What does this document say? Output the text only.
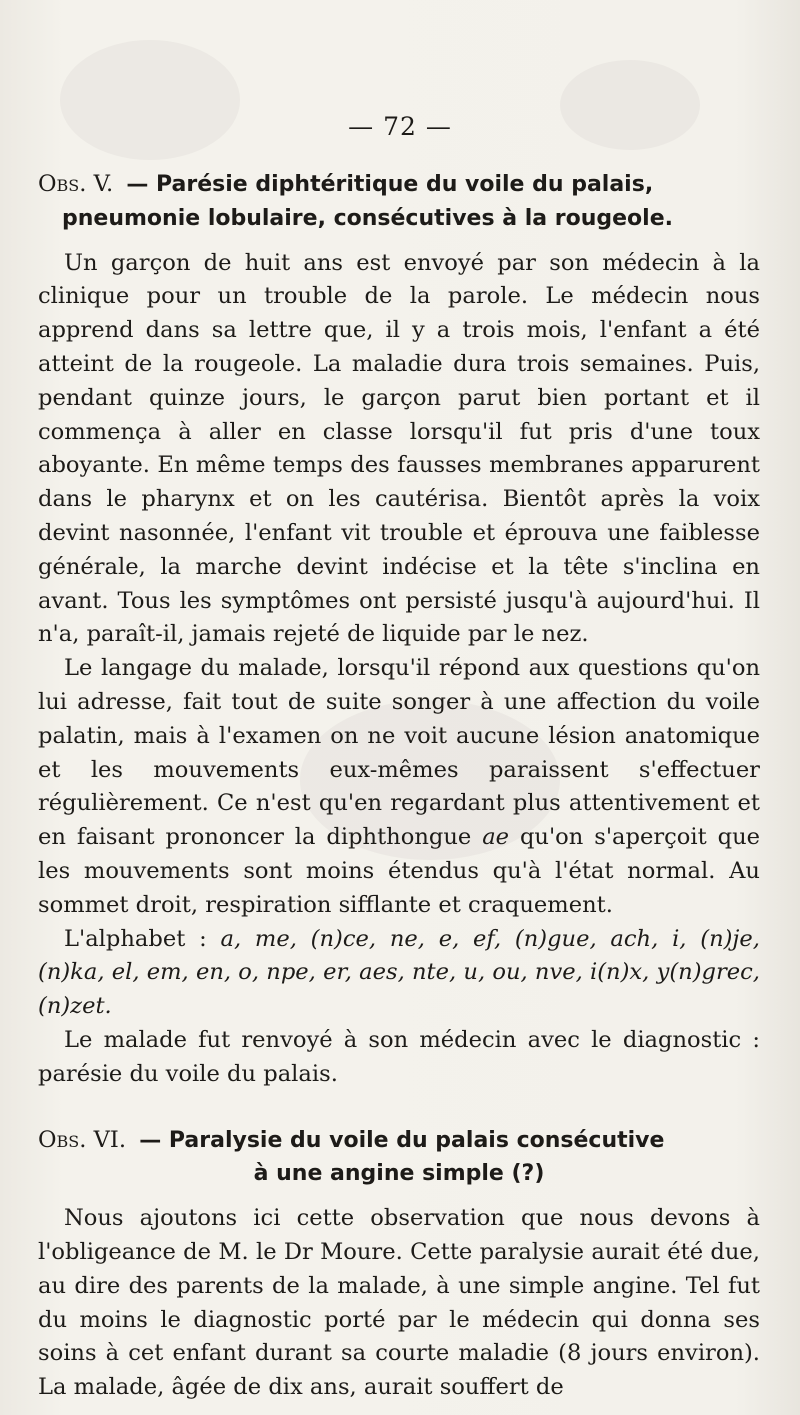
— 72 —
Obs. V. — Parésie diphtéritique du voile du palais,
pneumonie lobulaire, consécutives à la rougeole.

Un garçon de huit ans est envoyé par son médecin à la clinique pour un trouble de la parole. Le médecin nous apprend dans sa lettre que, il y a trois mois, l'enfant a été atteint de la rougeole. La maladie dura trois semaines. Puis, pendant quinze jours, le garçon parut bien portant et il commença à aller en classe lorsqu'il fut pris d'une toux aboyante. En même temps des fausses membranes apparurent dans le pharynx et on les cautérisa. Bientôt après la voix devint nasonnée, l'enfant vit trouble et éprouva une faiblesse générale, la marche devint indécise et la tête s'inclina en avant. Tous les symptômes ont persisté jusqu'à aujourd'hui. Il n'a, paraît-il, jamais rejeté de liquide par le nez.

Le langage du malade, lorsqu'il répond aux questions qu'on lui adresse, fait tout de suite songer à une affection du voile palatin, mais à l'examen on ne voit aucune lésion anatomique et les mouvements eux-mêmes paraissent s'effectuer régulièrement. Ce n'est qu'en regardant plus attentivement et en faisant prononcer la diphthongue ae qu'on s'aperçoit que les mouvements sont moins étendus qu'à l'état normal. Au sommet droit, respiration sifflante et craquement.

L'alphabet : a, me, (n)ce, ne, e, ef, (n)gue, ach, i, (n)je, (n)ka, el, em, en, o, npe, er, aes, nte, u, ou, nve, i(n)x, y(n)grec, (n)zet.

Le malade fut renvoyé à son médecin avec le diagnostic : parésie du voile du palais.

Obs. VI. — Paralysie du voile du palais consécutive
à une angine simple (?)

Nous ajoutons ici cette observation que nous devons à l'obligeance de M. le Dr Moure. Cette paralysie aurait été due, au dire des parents de la malade, à une simple angine. Tel fut du moins le diagnostic porté par le médecin qui donna ses soins à cet enfant durant sa courte maladie (8 jours environ). La malade, âgée de dix ans, aurait souffert de
